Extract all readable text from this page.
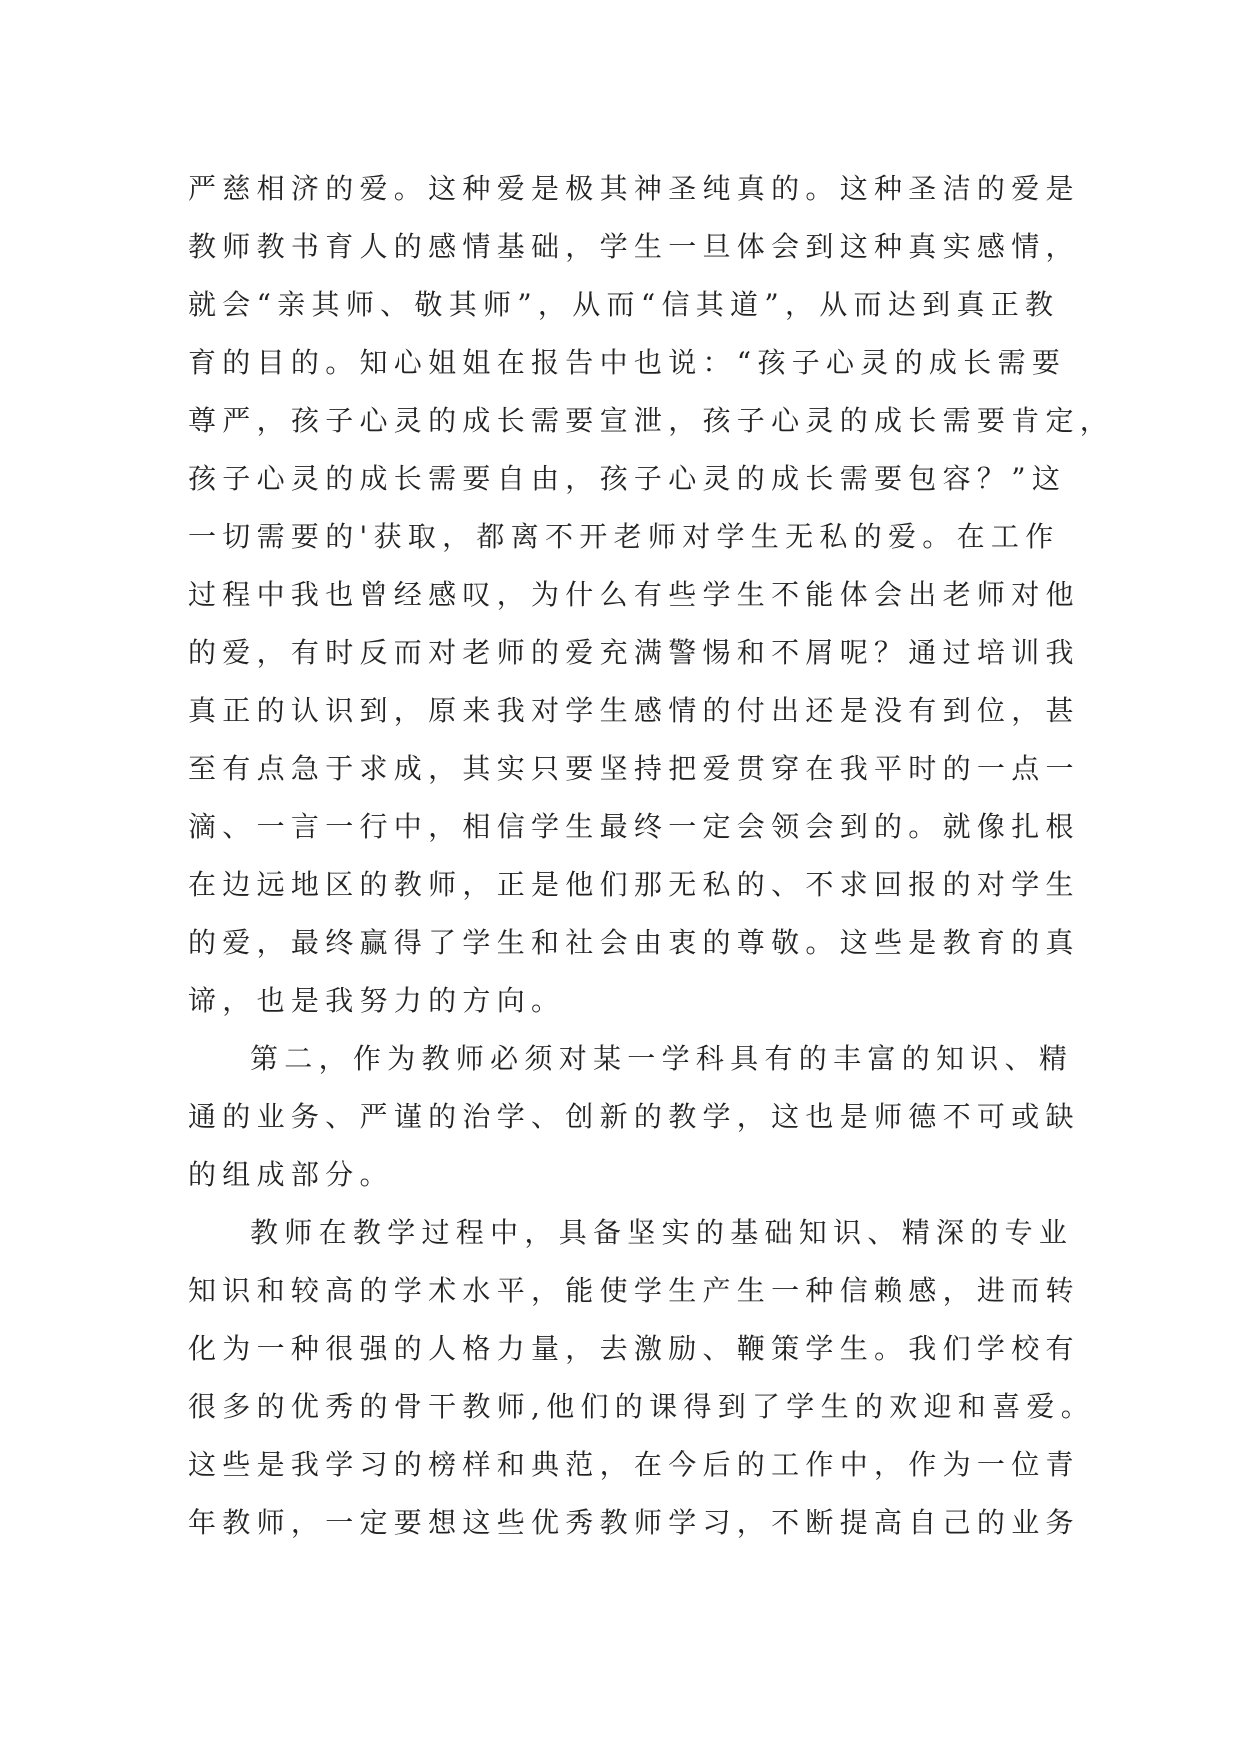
严慈相济的爱。这种爱是极其神圣纯真的。这种圣洁的爱是
教师教书育人的感情基础，学生一旦体会到这种真实感情，
就会“亲其师、敬其师”，从而“信其道”，从而达到真正教
育的目的。知心姐姐在报告中也说：“孩子心灵的成长需要
尊严，孩子心灵的成长需要宣泄，孩子心灵的成长需要肯定，
孩子心灵的成长需要自由，孩子心灵的成长需要包容？”这
一切需要的'获取，都离不开老师对学生无私的爱。在工作
过程中我也曾经感叹，为什么有些学生不能体会出老师对他
的爱，有时反而对老师的爱充满警惕和不屑呢？通过培训我
真正的认识到，原来我对学生感情的付出还是没有到位，甚
至有点急于求成，其实只要坚持把爱贯穿在我平时的一点一
滴、一言一行中，相信学生最终一定会领会到的。就像扎根
在边远地区的教师，正是他们那无私的、不求回报的对学生
的爱，最终赢得了学生和社会由衷的尊敬。这些是教育的真
谛，也是我努力的方向。
第二，作为教师必须对某一学科具有的丰富的知识、精
通的业务、严谨的治学、创新的教学，这也是师德不可或缺
的组成部分。
教师在教学过程中，具备坚实的基础知识、精深的专业
知识和较高的学术水平，能使学生产生一种信赖感，进而转
化为一种很强的人格力量，去激励、鞭策学生。我们学校有
很多的优秀的骨干教师,他们的课得到了学生的欢迎和喜爱。
这些是我学习的榜样和典范，在今后的工作中，作为一位青
年教师，一定要想这些优秀教师学习，不断提高自己的业务
